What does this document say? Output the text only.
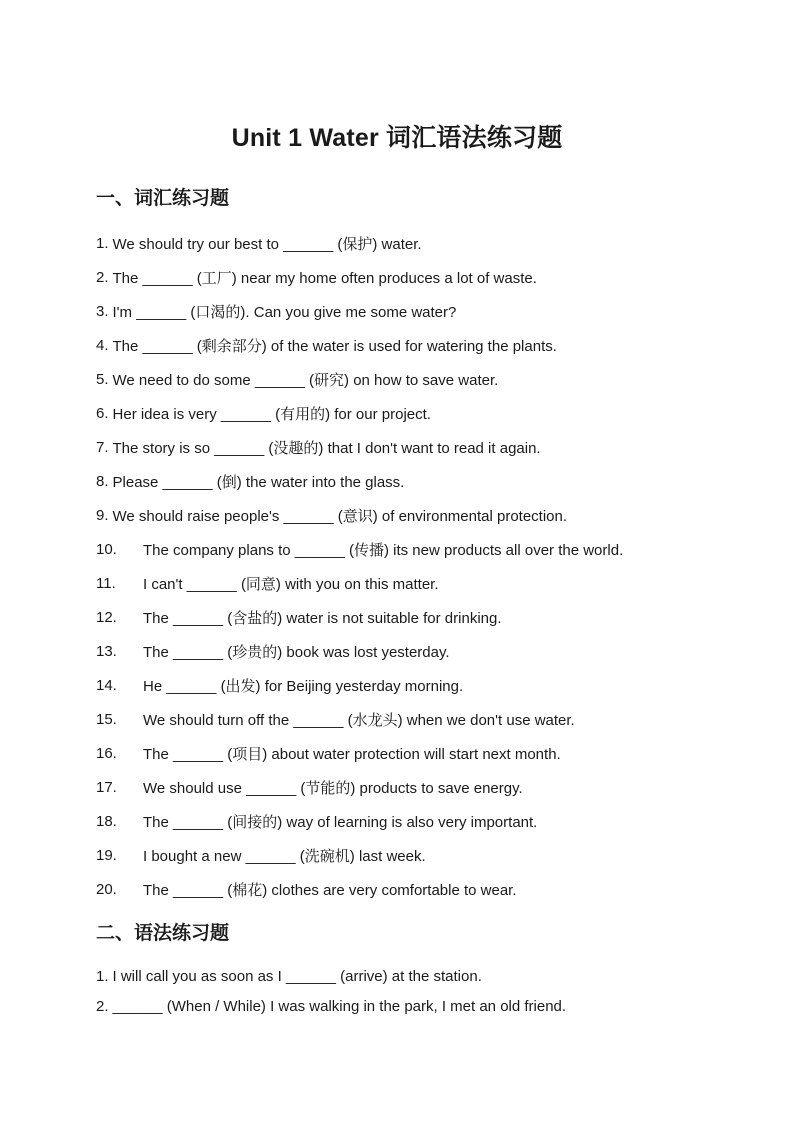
Unit 1 Water 词汇语法练习题
一、词汇练习题
1. We should try our best to ______ (保护) water.
2. The ______ (工厂) near my home often produces a lot of waste.
3. I'm ______ (口渴的). Can you give me some water?
4. The ______ (剩余部分) of the water is used for watering the plants.
5. We need to do some ______ (研究) on how to save water.
6. Her idea is very ______ (有用的) for our project.
7. The story is so ______ (没趣的) that I don't want to read it again.
8. Please ______ (倒) the water into the glass.
9. We should raise people's ______ (意识) of environmental protection.
10.	The company plans to ______ (传播) its new products all over the world.
11.	I can't ______ (同意) with you on this matter.
12.	The ______ (含盐的) water is not suitable for drinking.
13.	The ______ (珍贵的) book was lost yesterday.
14.	He ______ (出发) for Beijing yesterday morning.
15.	We should turn off the ______ (水龙头) when we don't use water.
16.	The ______ (项目) about water protection will start next month.
17.	We should use ______ (节能的) products to save energy.
18.	The ______ (间接的) way of learning is also very important.
19.	I bought a new ______ (洗碗机) last week.
20.	The ______ (棉花) clothes are very comfortable to wear.
二、语法练习题
1. I will call you as soon as I ______ (arrive) at the station.
2. ______ (When / While) I was walking in the park, I met an old friend.
